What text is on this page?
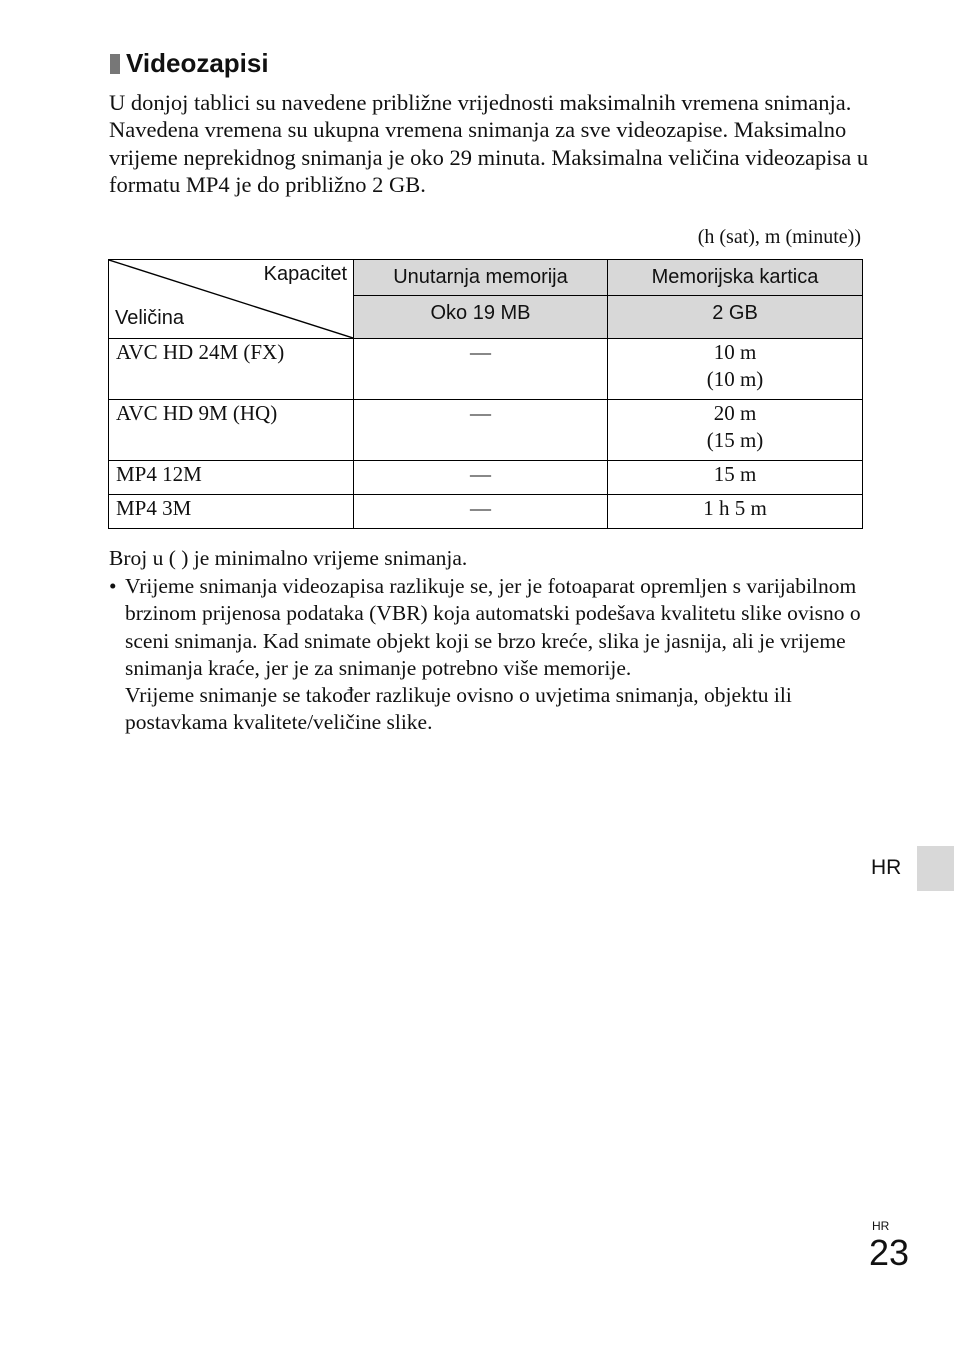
Videozapisi

U donjoj tablici su navedene približne vrijednosti maksimalnih vremena snimanja. Navedena vremena su ukupna vremena snimanja za sve videozapise. Maksimalno vrijeme neprekidnog snimanja je oko 29 minuta. Maksimalna veličina videozapisa u formatu MP4 je do približno 2 GB.

(h (sat), m (minute))
Kapacitet
Veličina	Unutarnja memorija	Memorijska kartica
	Oko 19 MB	2 GB
AVC HD 24M (FX)	—	10 m
(10 m)

AVC HD 9M (HQ)	—	20 m
(15 m)

MP4 12M	—	15 m
MP4 3M	—	1 h 5 m
Broj u ( ) je minimalno vrijeme snimanja.
• Vrijeme snimanja videozapisa razlikuje se, jer je fotoaparat opremljen s varijabilnom brzinom prijenosa podataka (VBR) koja automatski podešava kvalitetu slike ovisno o sceni snimanja. Kad snimate objekt koji se brzo kreće, slika je jasnija, ali je vrijeme snimanja kraće, jer je za snimanje potrebno više memorije.
Vrijeme snimanje se također razlikuje ovisno o uvjetima snimanja, objektu ili postavkama kvalitete/veličine slike.
HR
HR
23
